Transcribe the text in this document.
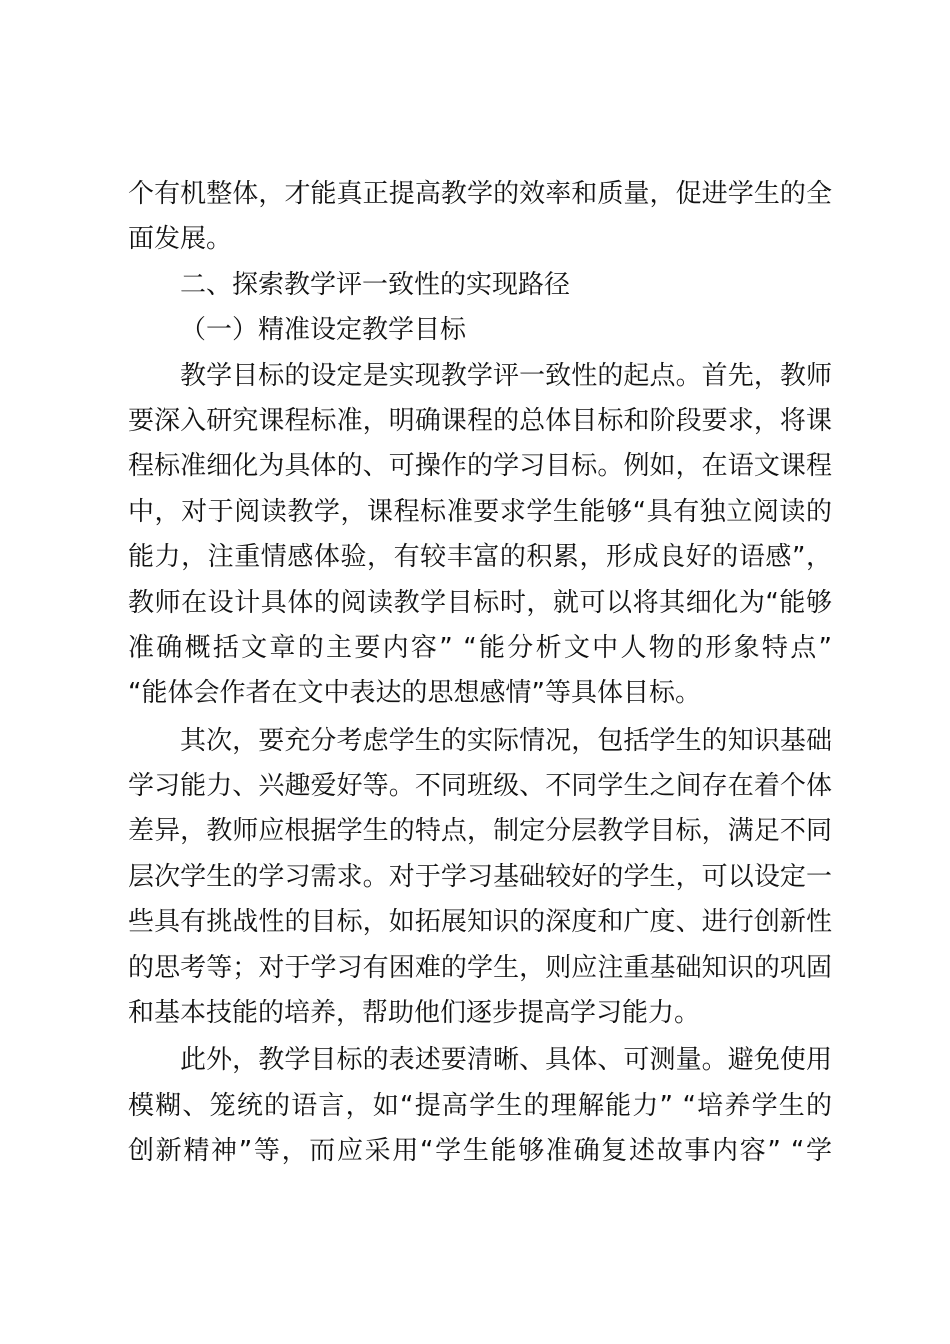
个有机整体，才能真正提高教学的效率和质量，促进学生的全
面发展。
二、探索教学评一致性的实现路径
（一）精准设定教学目标
教学目标的设定是实现教学评一致性的起点。首先，教师
要深入研究课程标准，明确课程的总体目标和阶段要求，将课
程标准细化为具体的、可操作的学习目标。例如，在语文课程
中，对于阅读教学，课程标准要求学生能够“具有独立阅读的
能力，注重情感体验，有较丰富的积累，形成良好的语感”，
教师在设计具体的阅读教学目标时，就可以将其细化为“能够
准确概括文章的主要内容” “能分析文中人物的形象特点”
“能体会作者在文中表达的思想感情”等具体目标。
其次，要充分考虑学生的实际情况，包括学生的知识基础
学习能力、兴趣爱好等。不同班级、不同学生之间存在着个体
差异，教师应根据学生的特点，制定分层教学目标，满足不同
层次学生的学习需求。对于学习基础较好的学生，可以设定一
些具有挑战性的目标，如拓展知识的深度和广度、进行创新性
的思考等；对于学习有困难的学生，则应注重基础知识的巩固
和基本技能的培养，帮助他们逐步提高学习能力。
此外，教学目标的表述要清晰、具体、可测量。避免使用
模糊、笼统的语言，如“提高学生的理解能力” “培养学生的
创新精神”等，而应采用“学生能够准确复述故事内容” “学
